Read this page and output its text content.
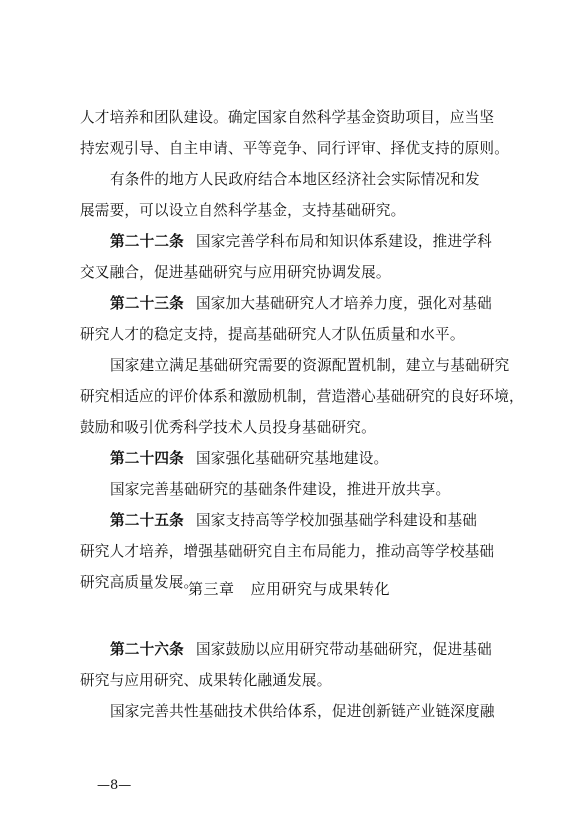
人才培养和团队建设。确定国家自然科学基金资助项目，应当坚
持宏观引导、自主申请、平等竞争、同行评审、择优支持的原则。
有条件的地方人民政府结合本地区经济社会实际情况和发
展需要，可以设立自然科学基金，支持基础研究。
第二十二条 国家完善学科布局和知识体系建设，推进学科
交叉融合，促进基础研究与应用研究协调发展。
第二十三条 国家加大基础研究人才培养力度，强化对基础
研究人才的稳定支持，提高基础研究人才队伍质量和水平。
国家建立满足基础研究需要的资源配置机制，建立与基础研究
研究相适应的评价体系和激励机制，营造潜心基础研究的良好环境，
鼓励和吸引优秀科学技术人员投身基础研究。
第二十四条 国家强化基础研究基地建设。
国家完善基础研究的基础条件建设，推进开放共享。
第二十五条 国家支持高等学校加强基础学科建设和基础
研究人才培养，增强基础研究自主布局能力，推动高等学校基础
研究高质量发展。
第三章 应用研究与成果转化
第二十六条 国家鼓励以应用研究带动基础研究，促进基础
研究与应用研究、成果转化融通发展。
国家完善共性基础技术供给体系，促进创新链产业链深度融
—8—
